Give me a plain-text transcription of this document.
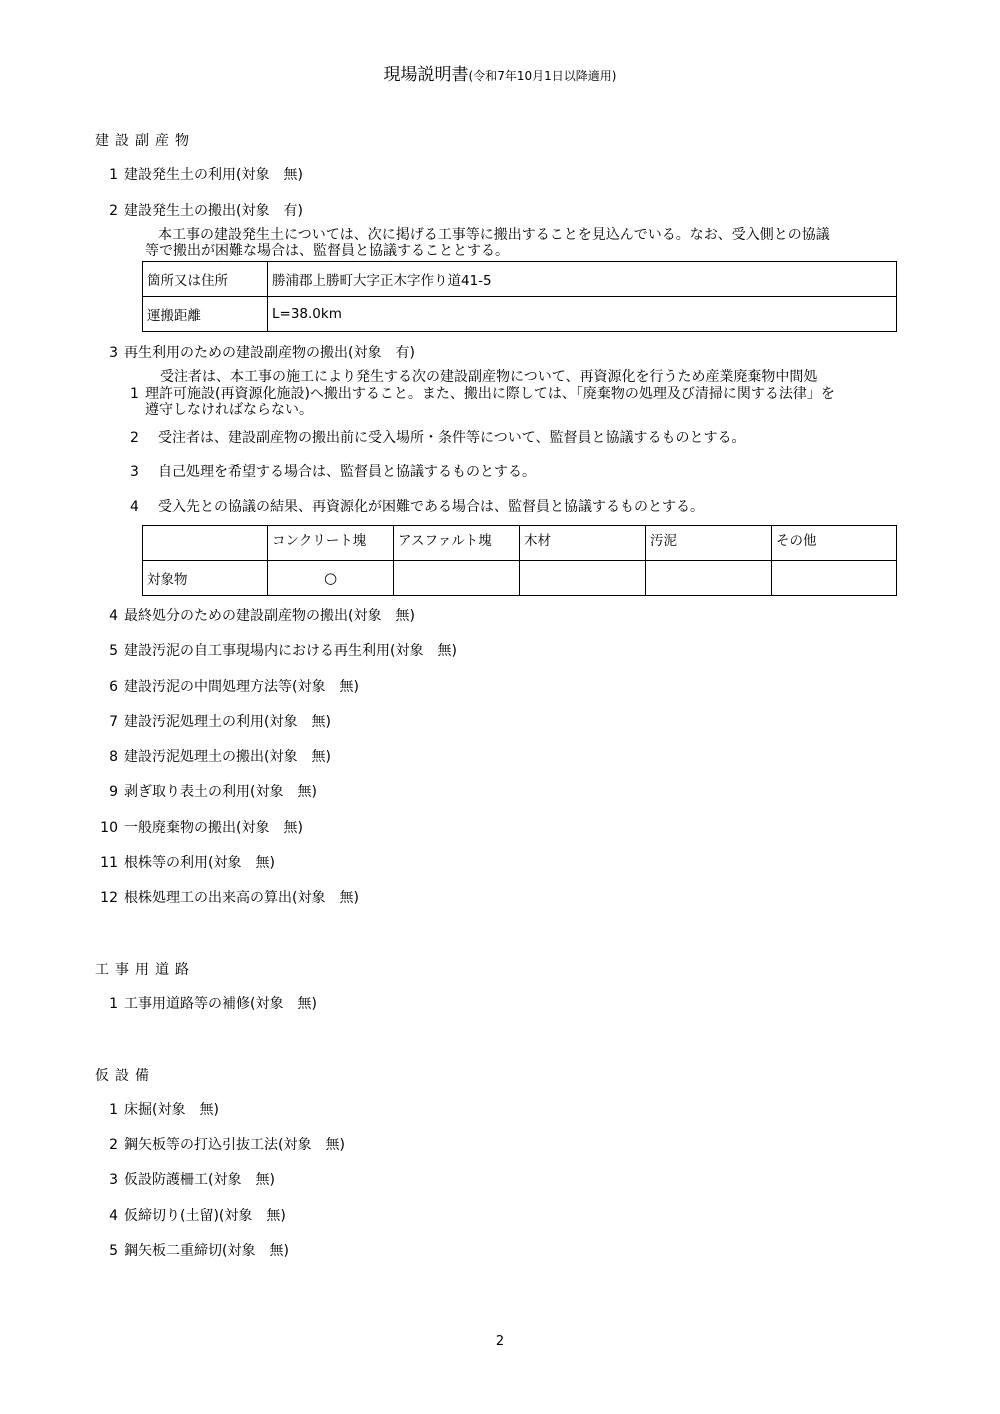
現場説明書(令和7年10月1日以降適用)
建設副産物
1 建設発生土の利用(対象　無)
2 建設発生土の搬出(対象　有)
本工事の建設発生土については、次に掲げる工事等に搬出することを見込んでいる。なお、受入側との協議
等で搬出が困難な場合は、監督員と協議することとする。
箇所又は住所	勝浦郡上勝町大字正木字作り道41-5
運搬距離	L=38.0km
3 再生利用のための建設副産物の搬出(対象　有)
受注者は、本工事の施工により発生する次の建設副産物について、再資源化を行うため産業廃棄物中間処
1 理許可施設(再資源化施設)へ搬出すること。また、搬出に際しては、「廃棄物の処理及び清掃に関する法律」を
遵守しなければならない。
2 受注者は、建設副産物の搬出前に受入場所・条件等について、監督員と協議するものとする。
3 自己処理を希望する場合は、監督員と協議するものとする。
4 受入先との協議の結果、再資源化が困難である場合は、監督員と協議するものとする。
	コンクリート塊	アスファルト塊	木材	汚泥	その他
対象物	○				
4 最終処分のための建設副産物の搬出(対象　無)
5 建設汚泥の自工事現場内における再生利用(対象　無)
6 建設汚泥の中間処理方法等(対象　無)
7 建設汚泥処理土の利用(対象　無)
8 建設汚泥処理土の搬出(対象　無)
9 剥ぎ取り表土の利用(対象　無)
10 一般廃棄物の搬出(対象　無)
11 根株等の利用(対象　無)
12 根株処理工の出来高の算出(対象　無)
工事用道路
1 工事用道路等の補修(対象　無)
仮設備
1 床掘(対象　無)
2 鋼矢板等の打込引抜工法(対象　無)
3 仮設防護柵工(対象　無)
4 仮締切り(土留)(対象　無)
5 鋼矢板二重締切(対象　無)
2
